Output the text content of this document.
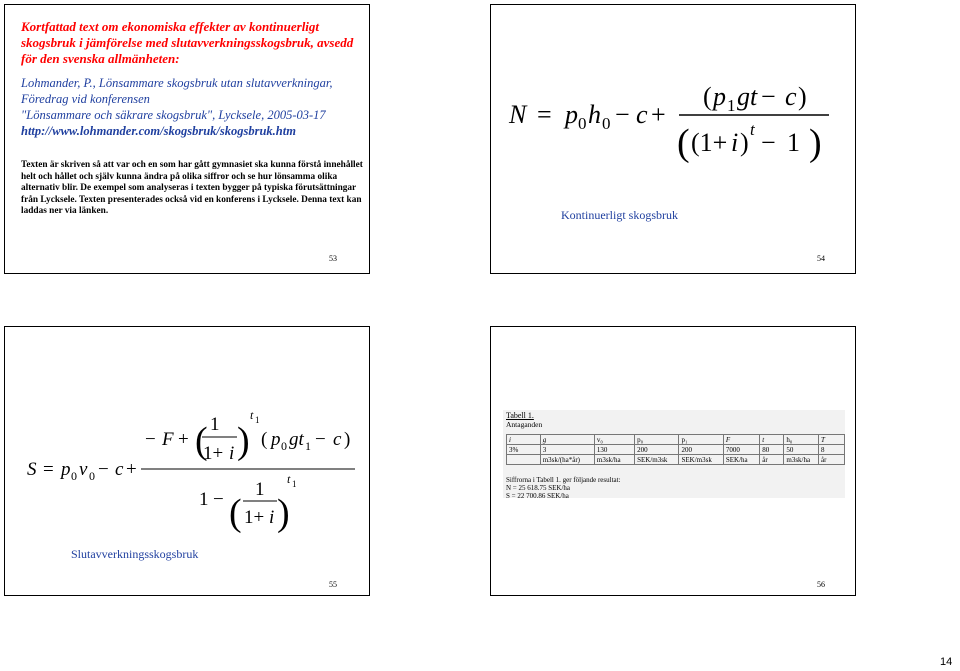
Kortfattad text om ekonomiska effekter av kontinuerligt skogsbruk i jämförelse med slutavverkningsskogsbruk, avsedd för den svenska allmänheten:
Lohmander, P., Lönsammare skogsbruk utan slutavverkningar,
Föredrag vid konferensen
"Lönsammare och säkrare skogsbruk", Lycksele, 2005-03-17
http://www.lohmander.com/skogsbruk/skogsbruk.htm
Texten är skriven så att var och en som har gått gymnasiet ska kunna förstå innehållet helt och hållet och själv kunna ändra på olika siffror och se hur lönsamma olika alternativ blir. De exempel som analyseras i texten bygger på typiska förutsättningar från Lycksele. Texten presenterades också vid en konferens i Lycksele. Denna text kan laddas ner via länken.
53
N = p 0 h 0 − c +
( p 1 gt − c )
( (1+ i ) t − 1 )
Kontinuerligt skogsbruk
54
S = p 0 v 0 − c +
− F + ( 1
1+ i )
t 1
( p 0 gt 1 − c )
1 − (
1
1+ i )
t 1
Slutavverkningsskogsbruk
55
Tabell 1.
Antaganden
i	g	v₀	p₀	p₁	F	t	h₀	T
3%	3	130	200	200	7000	80	50	8
	m3sk/(ha*år)	m3sk/ha	SEK/m3sk	SEK/m3sk	SEK/ha	år	m3sk/ha	år
Siffrorna i Tabell 1. ger följande resultat:
N = 25 618.75 SEK/ha
S = 22 700.86 SEK/ha
56
14
